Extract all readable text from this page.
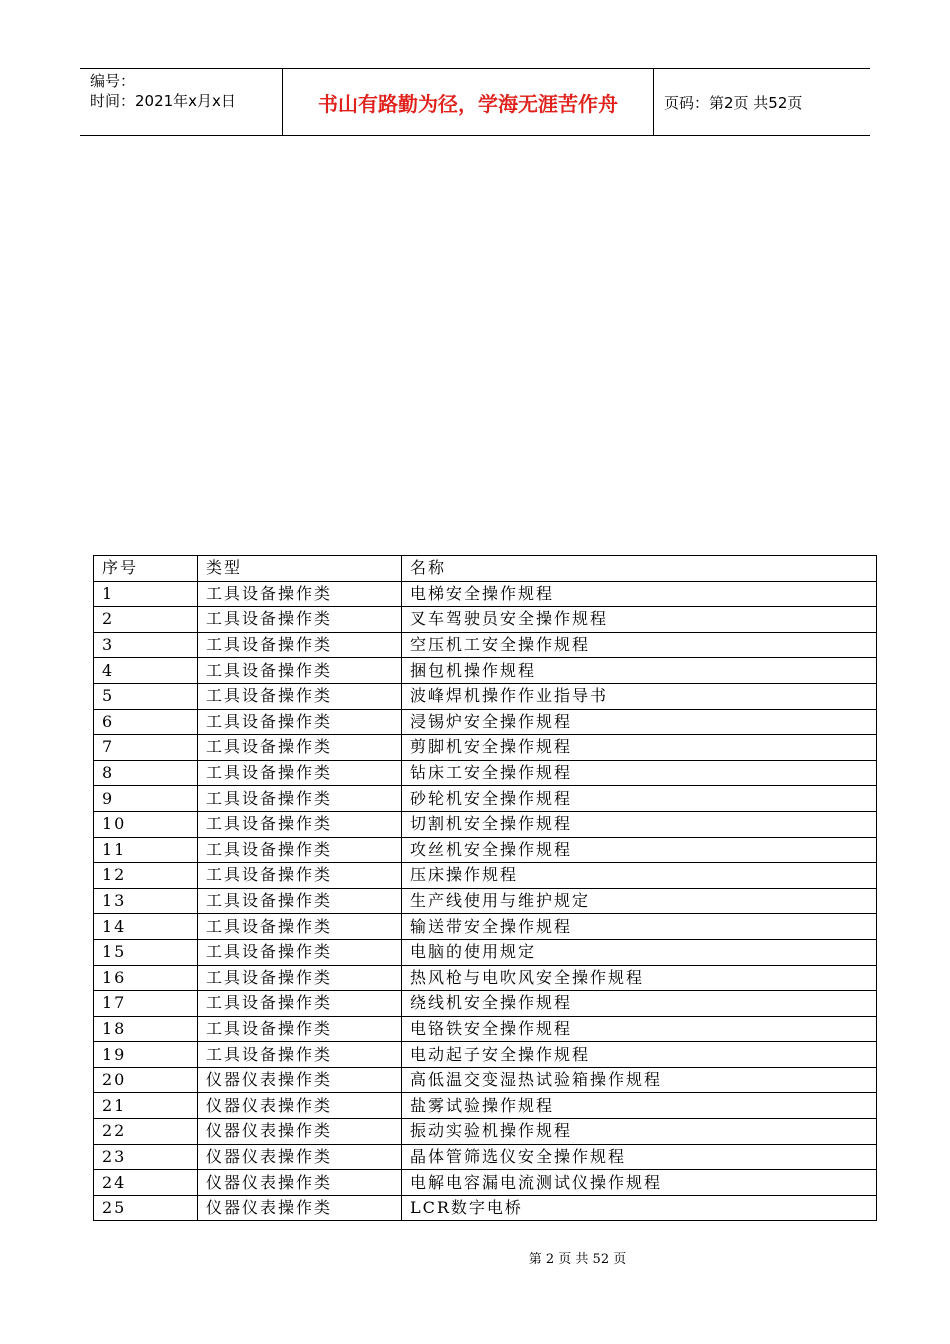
编号：
时间：2021年x月x日	书山有路勤为径，学海无涯苦作舟	页码：第2页 共52页
序号	类型	名称
1	工具设备操作类	电梯安全操作规程
2	工具设备操作类	叉车驾驶员安全操作规程
3	工具设备操作类	空压机工安全操作规程
4	工具设备操作类	捆包机操作规程
5	工具设备操作类	波峰焊机操作作业指导书
6	工具设备操作类	浸锡炉安全操作规程
7	工具设备操作类	剪脚机安全操作规程
8	工具设备操作类	钻床工安全操作规程
9	工具设备操作类	砂轮机安全操作规程
10	工具设备操作类	切割机安全操作规程
11	工具设备操作类	攻丝机安全操作规程
12	工具设备操作类	压床操作规程
13	工具设备操作类	生产线使用与维护规定
14	工具设备操作类	输送带安全操作规程
15	工具设备操作类	电脑的使用规定
16	工具设备操作类	热风枪与电吹风安全操作规程
17	工具设备操作类	绕线机安全操作规程
18	工具设备操作类	电铬铁安全操作规程
19	工具设备操作类	电动起子安全操作规程
20	仪器仪表操作类	高低温交变湿热试验箱操作规程
21	仪器仪表操作类	盐雾试验操作规程
22	仪器仪表操作类	振动实验机操作规程
23	仪器仪表操作类	晶体管筛选仪安全操作规程
24	仪器仪表操作类	电解电容漏电流测试仪操作规程
25	仪器仪表操作类	LCR数字电桥
第 2 页 共 52 页
